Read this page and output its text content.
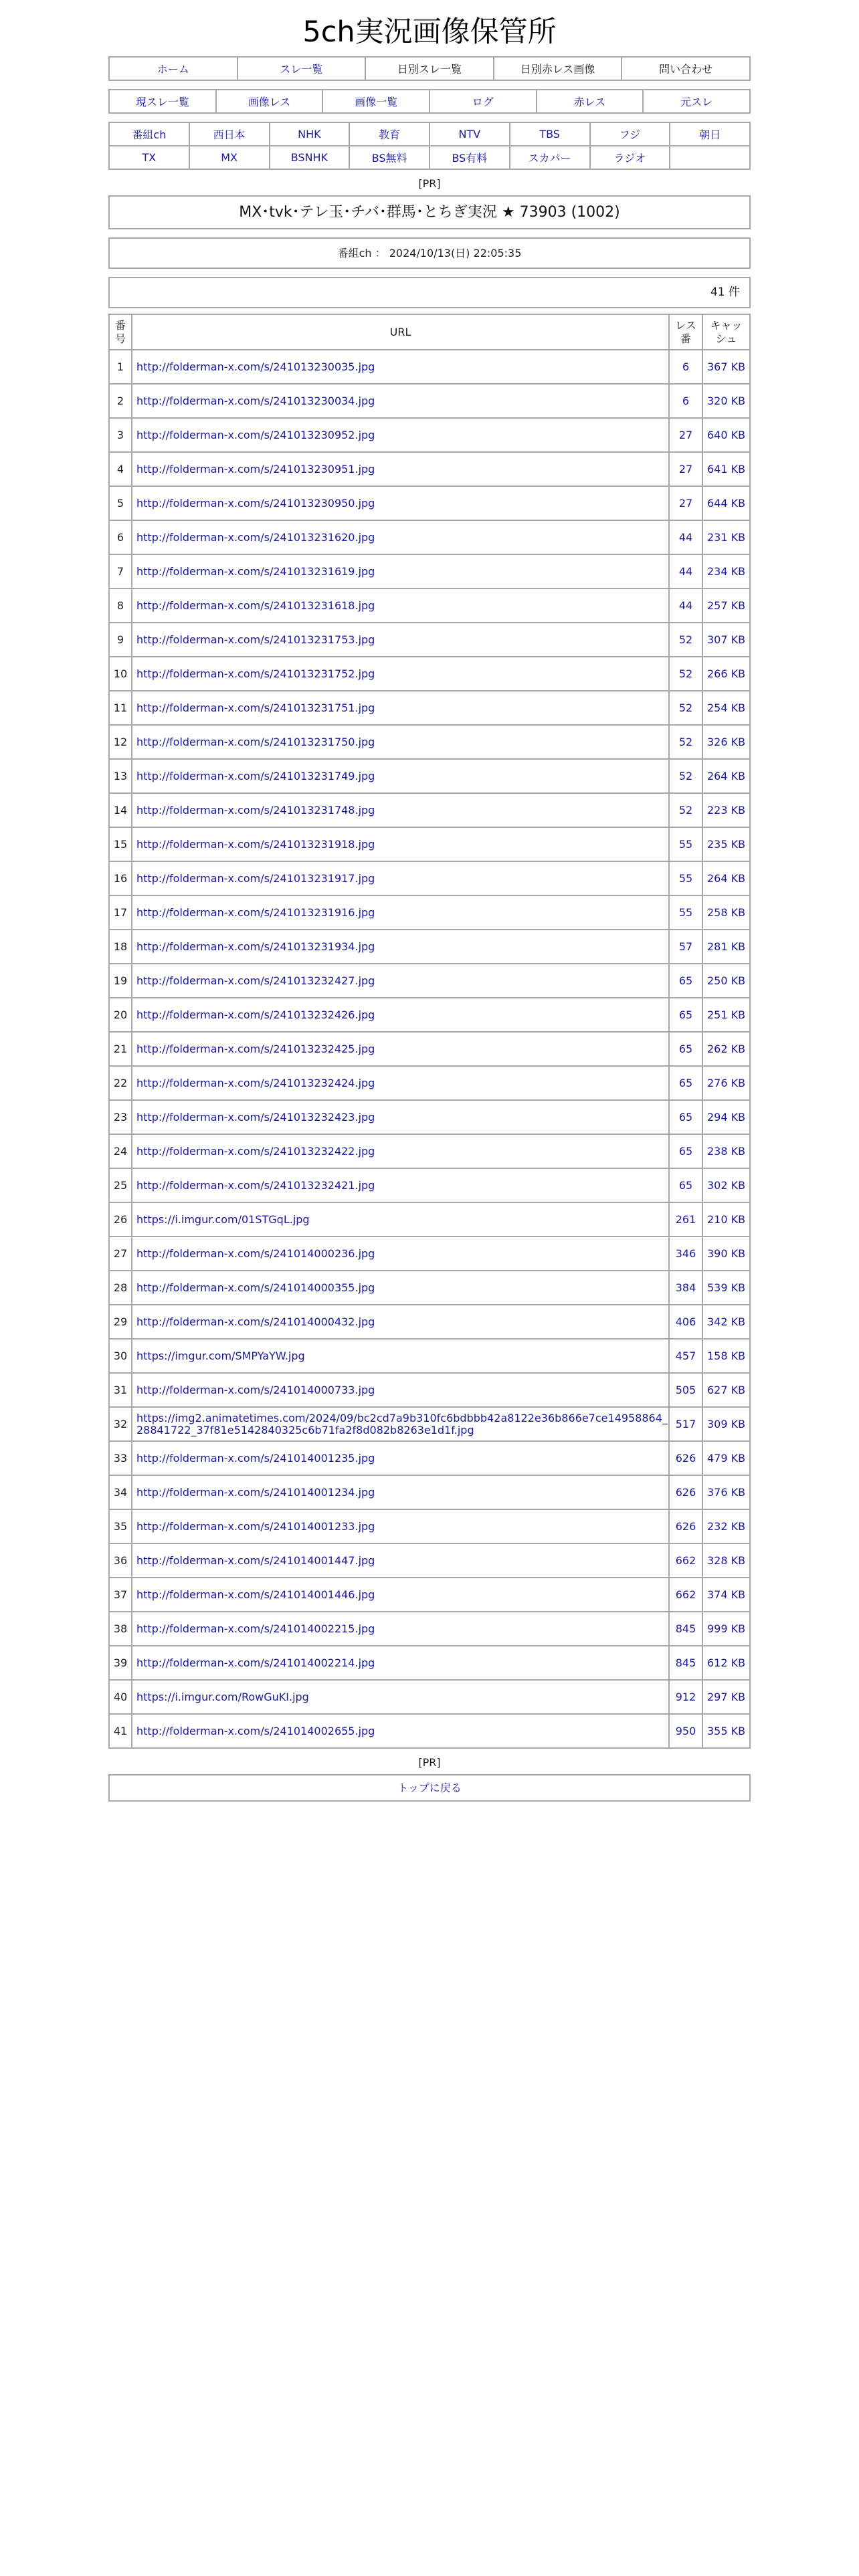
5ch実況画像保管所
ホーム	スレ一覧	日別スレ一覧	日別赤レス画像	問い合わせ
現スレ一覧	画像レス	画像一覧	ログ	赤レス	元スレ
番組ch	西日本	NHK	教育	NTV	TBS	フジ	朝日
TX	MX	BSNHK	BS無料	BS有料	スカパー	ラジオ	
[PR]
MX･tvk･テレ玉･チバ･群馬･とちぎ実況 ★ 73903 (1002)
番組ch ： 2024/10/13(日) 22:05:35
41 件
番号	URL	レス番	キャッシュ
1	http://folderman-x.com/s/241013230035.jpg	6	367 KB
2	http://folderman-x.com/s/241013230034.jpg	6	320 KB
3	http://folderman-x.com/s/241013230952.jpg	27	640 KB
4	http://folderman-x.com/s/241013230951.jpg	27	641 KB
5	http://folderman-x.com/s/241013230950.jpg	27	644 KB
6	http://folderman-x.com/s/241013231620.jpg	44	231 KB
7	http://folderman-x.com/s/241013231619.jpg	44	234 KB
8	http://folderman-x.com/s/241013231618.jpg	44	257 KB
9	http://folderman-x.com/s/241013231753.jpg	52	307 KB
10	http://folderman-x.com/s/241013231752.jpg	52	266 KB
11	http://folderman-x.com/s/241013231751.jpg	52	254 KB
12	http://folderman-x.com/s/241013231750.jpg	52	326 KB
13	http://folderman-x.com/s/241013231749.jpg	52	264 KB
14	http://folderman-x.com/s/241013231748.jpg	52	223 KB
15	http://folderman-x.com/s/241013231918.jpg	55	235 KB
16	http://folderman-x.com/s/241013231917.jpg	55	264 KB
17	http://folderman-x.com/s/241013231916.jpg	55	258 KB
18	http://folderman-x.com/s/241013231934.jpg	57	281 KB
19	http://folderman-x.com/s/241013232427.jpg	65	250 KB
20	http://folderman-x.com/s/241013232426.jpg	65	251 KB
21	http://folderman-x.com/s/241013232425.jpg	65	262 KB
22	http://folderman-x.com/s/241013232424.jpg	65	276 KB
23	http://folderman-x.com/s/241013232423.jpg	65	294 KB
24	http://folderman-x.com/s/241013232422.jpg	65	238 KB
25	http://folderman-x.com/s/241013232421.jpg	65	302 KB
26	https://i.imgur.com/01STGqL.jpg	261	210 KB
27	http://folderman-x.com/s/241014000236.jpg	346	390 KB
28	http://folderman-x.com/s/241014000355.jpg	384	539 KB
29	http://folderman-x.com/s/241014000432.jpg	406	342 KB
30	https://imgur.com/SMPYaYW.jpg	457	158 KB
31	http://folderman-x.com/s/241014000733.jpg	505	627 KB
32	https://img2.animatetimes.com/2024/09/bc2cd7a9b310fc6bdbbb42a8122e36b866e7ce14958864_28841722_37f81e5142840325c6b71fa2f8d082b8263e1d1f.jpg	517	309 KB
33	http://folderman-x.com/s/241014001235.jpg	626	479 KB
34	http://folderman-x.com/s/241014001234.jpg	626	376 KB
35	http://folderman-x.com/s/241014001233.jpg	626	232 KB
36	http://folderman-x.com/s/241014001447.jpg	662	328 KB
37	http://folderman-x.com/s/241014001446.jpg	662	374 KB
38	http://folderman-x.com/s/241014002215.jpg	845	999 KB
39	http://folderman-x.com/s/241014002214.jpg	845	612 KB
40	https://i.imgur.com/RowGuKI.jpg	912	297 KB
41	http://folderman-x.com/s/241014002655.jpg	950	355 KB
[PR]
トップに戻る
